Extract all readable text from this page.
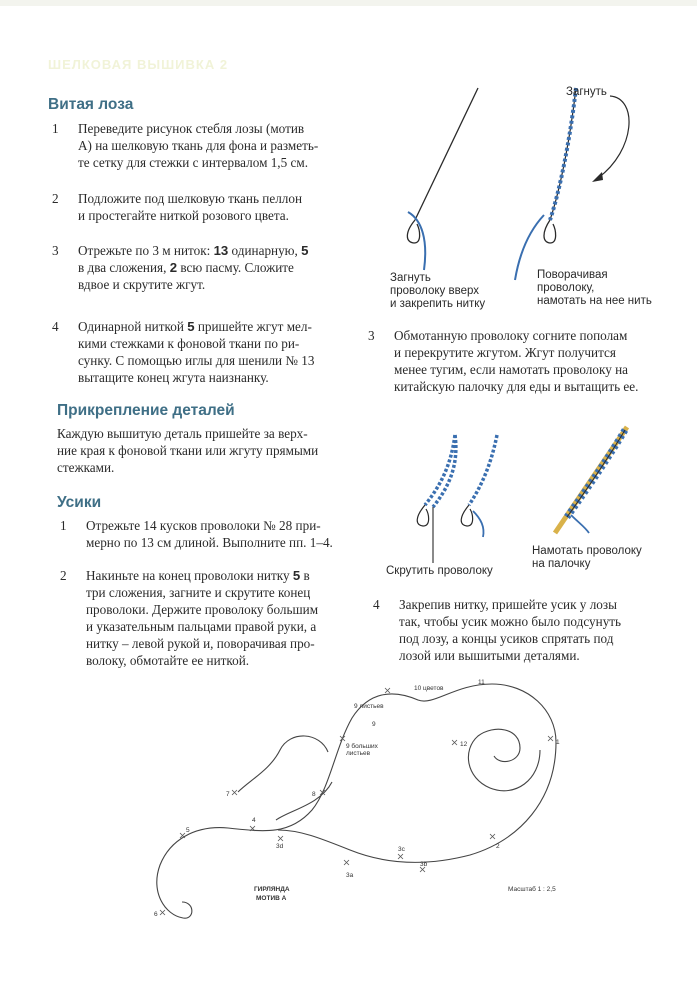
ШЕЛКОВАЯ ВЫШИВКА 2
Витая лоза
1 Переведите рисунок стебля лозы (мотив
А) на шелковую ткань для фона и разметь-
те сетку для стежки с интервалом 1,5 см.
2 Подложите под шелковую ткань пеллон
и простегайте ниткой розового цвета.
3 Отрежьте по 3 м ниток: 13 одинарную, 5
в два сложения, 2 всю пасму. Сложите
вдвое и скрутите жгут.
4 Одинарной ниткой 5 пришейте жгут мел-
кими стежками к фоновой ткани по ри-
сунку. С помощью иглы для шенили № 13
вытащите конец жгута наизнанку.
Прикрепление деталей
Каждую вышитую деталь пришейте за верх-
ние края к фоновой ткани или жгуту прямыми
стежками.
Усики
1 Отрежьте 14 кусков проволоки № 28 при-
мерно по 13 см длиной. Выполните пп. 1–4.
2 Накиньте на конец проволоки нитку 5 в
три сложения, загните и скрутите конец
проволоки. Держите проволоку большим
и указательным пальцами правой руки, а
нитку – левой рукой и, поворачивая про-
волоку, обмотайте ее ниткой.
Загнуть
Загнуть
проволоку вверх
и закрепить нитку
Поворачивая
проволоку,
намотать на нее нить
3 Обмотанную проволоку согните пополам
и перекрутите жгутом. Жгут получится
менее тугим, если намотать проволоку на
китайскую палочку для еды и вытащить ее.
Скрутить проволоку
Намотать проволоку
на палочку
4 Закрепив нитку, пришейте усик у лозы
так, чтобы усик можно было подсунуть
под лозу, а концы усиков спрятать под
лозой или вышитыми деталями.
1
2
3a
3b
3c
3d
4
5
6
7	8
9
9 листьев
9 больших
листьев
10 цветов
11
12
ГИРЛЯНДА
МОТИВ А
Масштаб 1 : 2,5
